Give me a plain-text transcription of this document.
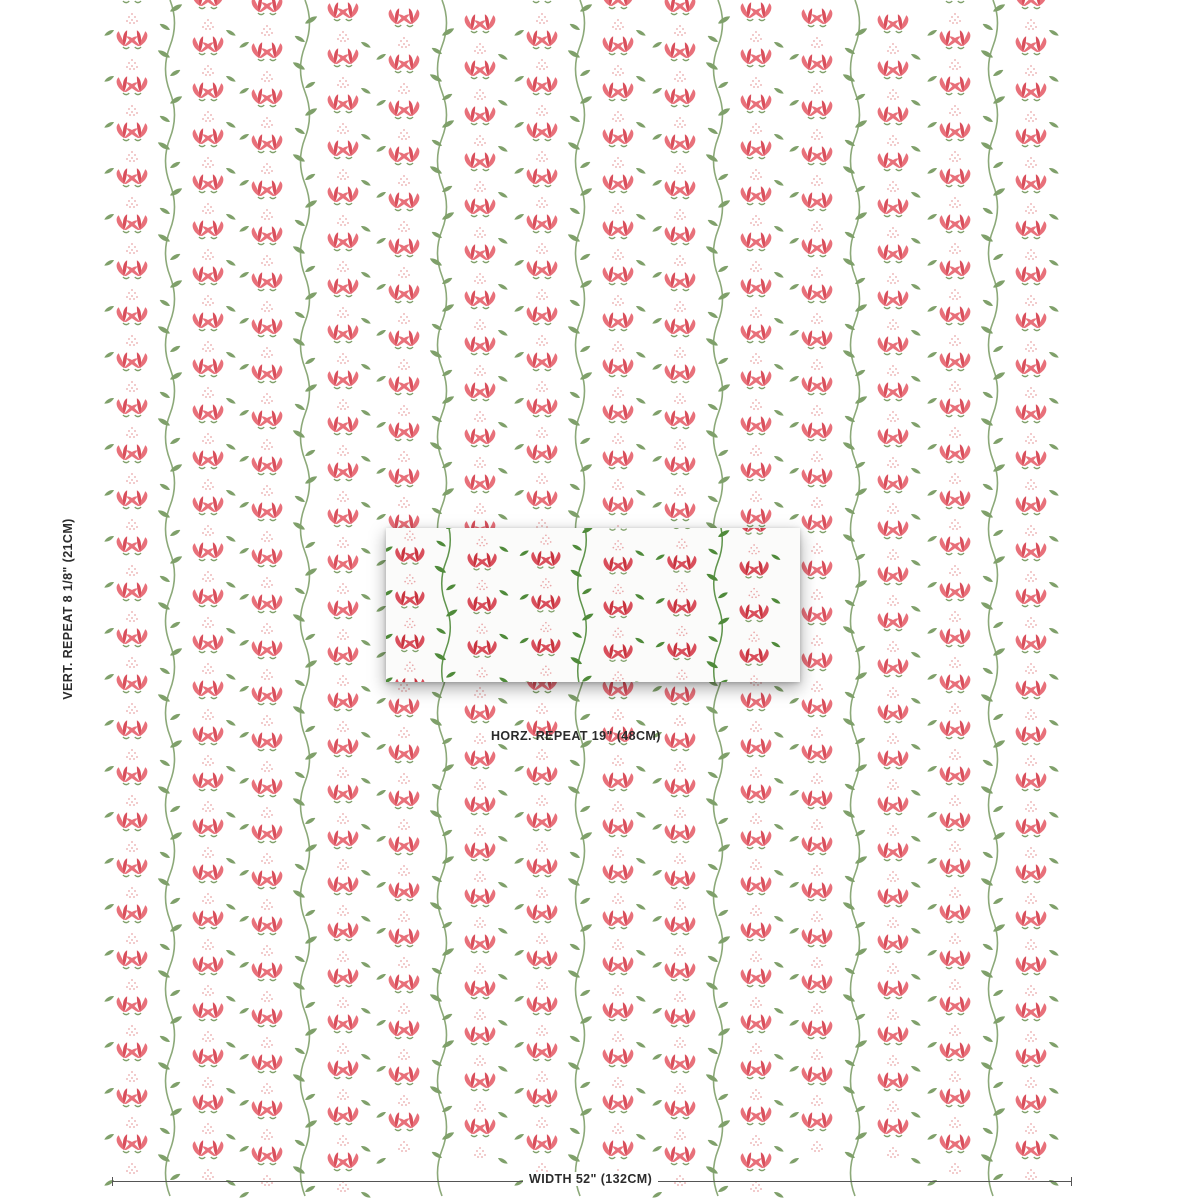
HORZ. REPEAT 19" (48CM)
VERT. REPEAT 8 1/8" (21CM)
WIDTH 52" (132CM)
